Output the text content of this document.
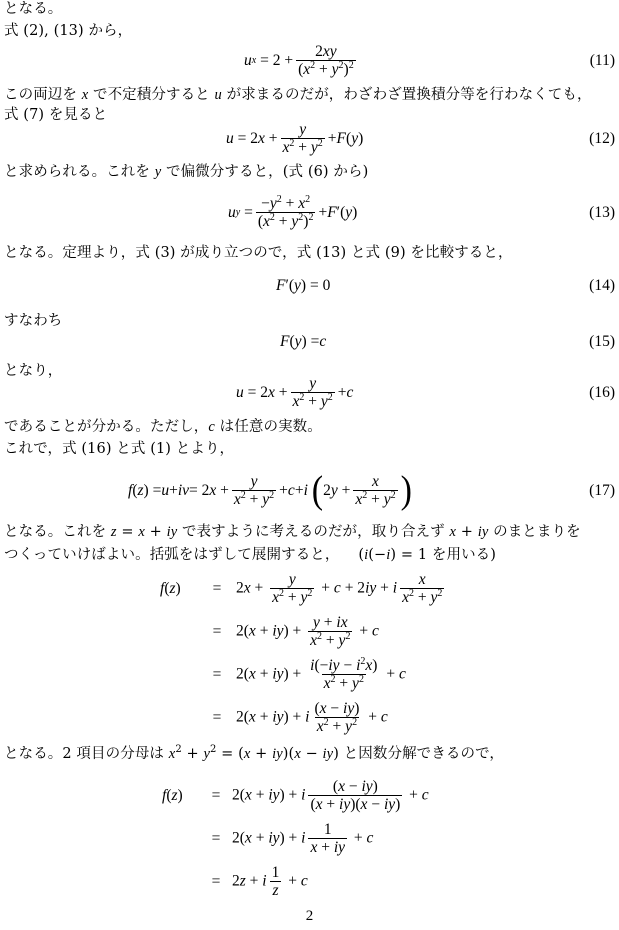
となる。
式 (2), (13) から，
u $x = 2 + \frac{2xy}{(x^2 + y^2)^2}$	(11)
この両辺を x で不定積分すると u が求まるのだが，わざわざ置換積分等を行わなくても，
式 (7) を見ると
u = 2 $x + \frac{y}{x^2 + y^2} + F$ ( y )	(12)
と求められる。これを y で偏微分すると，(式 (6) から)
u $y = \frac{-y^2 + x^2}{(x^2 + y^2)^2} + F$ ′( y )	(13)
となる。定理より，式 (3) が成り立つので，式 (13) と式 (9) を比較すると，
F ′( y ) = 0	(14)
すなわち
F ( y ) = c	(15)
となり，
u = 2 $x + \frac{y}{x^2 + y^2} + c$	(16)
であることが分かる。ただし，c は任意の実数。
これで，式 (16) と式 (1) とより，
f ( z ) = u + iv = 2 $x + \frac{y}{x^2 + y^2} + c + i$
( 2 $y + \frac{x}{x^2 + y^2}$ )	(17)
となる。これを z = x + iy で表すように考えるのだが，取り合えず x + iy のまとまりを
つくっていけばよい。括弧をはずして展開すると，    (i(−i) = 1 を用いる)
f(z)	= $2x + \frac{y}{x^2 + y^2} + c + 2iy + i \frac{x}{x^2 + y^2}$
= $2(x + iy) + \frac{y + ix}{x^2 + y^2} + c$
= $2(x + iy) + \frac{i(-iy - i^2x)}{x^2 + y^2} + c$
= 2(x + iy) + i $\frac{(x - iy)}{x^2 + y^2} + c$
となる。2 項目の分母は $x^2 + y^2 = (x + iy)(x - iy)$ と因数分解できるので，
f(z)	= 2(x + iy) + i $\frac{(x - iy)}{(x + iy)(x - iy)} + c$
= 2(x + iy) + i $\frac{1}{x + iy} + c$
= 2z + i $\frac{1}{z} + c$
2
